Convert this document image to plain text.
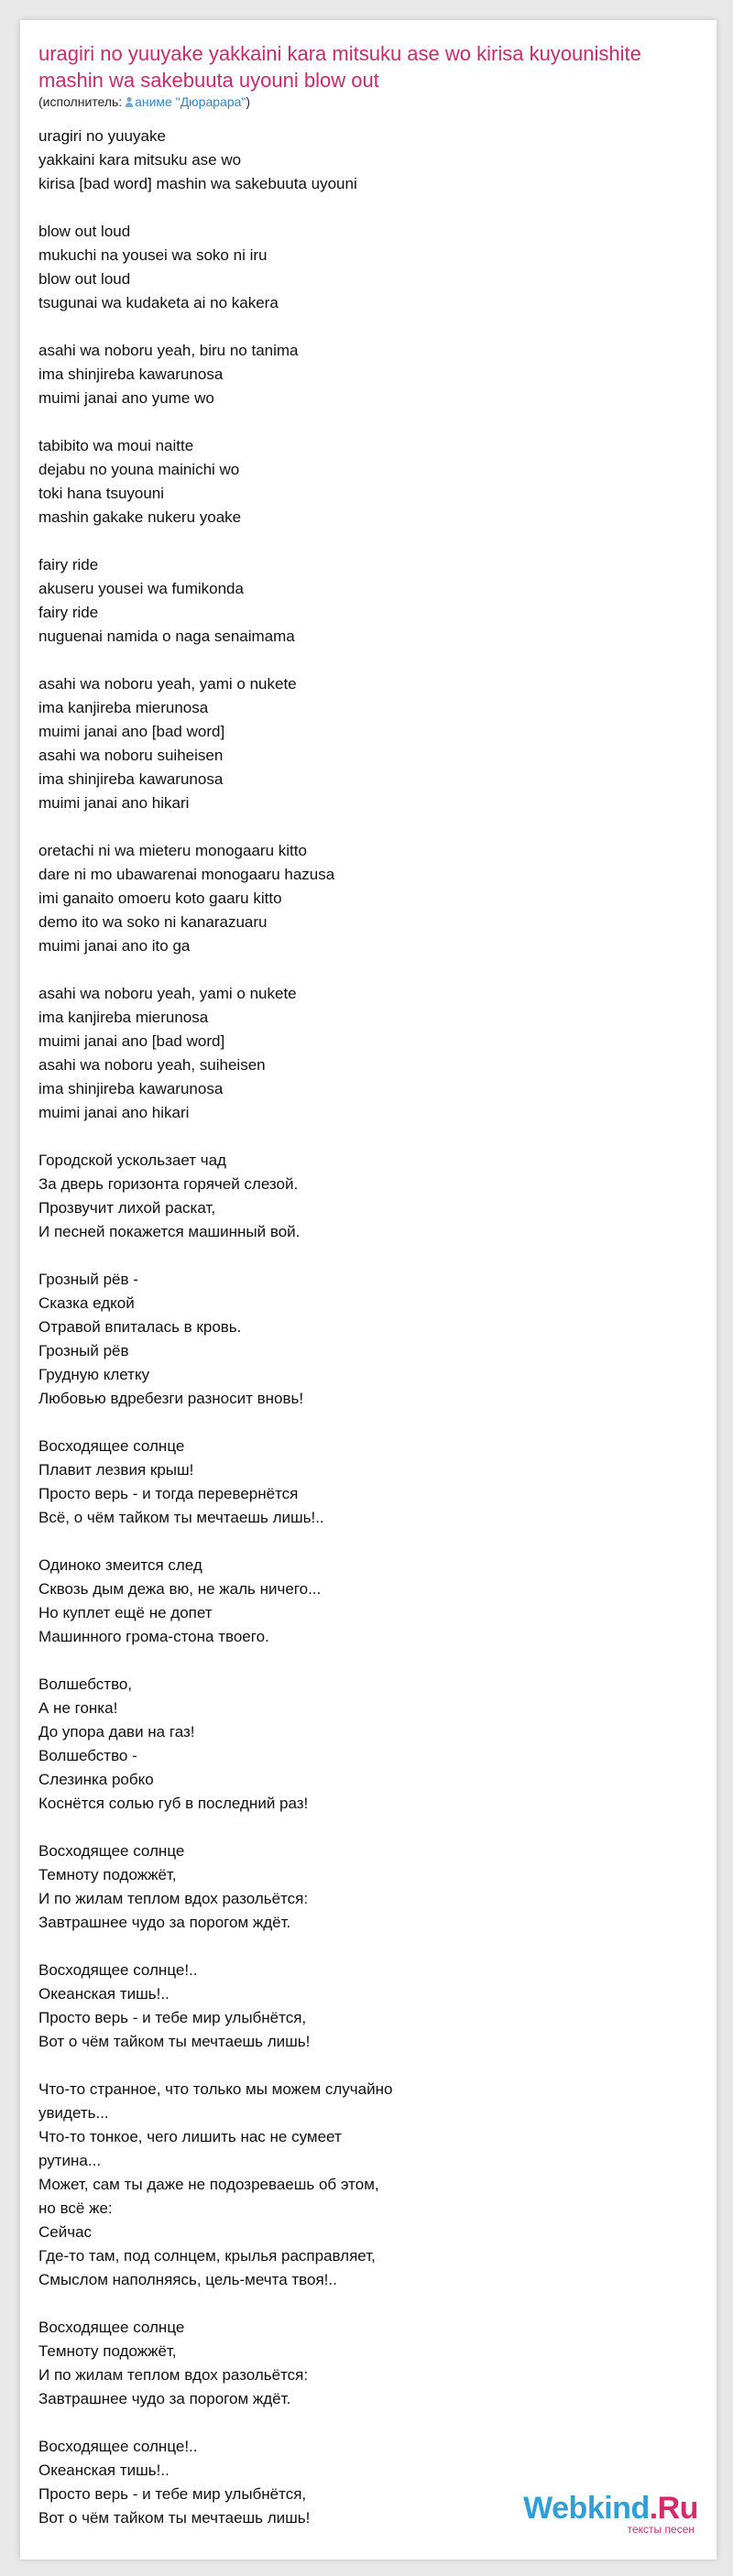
uragiri no yuuyake yakkaini kara mitsuku ase wo kirisa kuyounishite mashin wa sakebuuta uyouni blow out
(исполнитель: аниме "Дюрарара")
uragiri no yuuyake
yakkaini kara mitsuku ase wo
kirisa [bad word] mashin wa sakebuuta uyouni

blow out loud
mukuchi na yousei wa soko ni iru
blow out loud
tsugunai wa kudaketa ai no kakera

asahi wa noboru yeah, biru no tanima
ima shinjireba kawarunosa
muimi janai ano yume wo

tabibito wa moui naitte
dejabu no youna mainichi wo
toki hana tsuyouni
mashin gakake nukeru yoake

fairy ride
akuseru yousei wa fumikonda
fairy ride
nuguenai namida o naga senaimama

asahi wa noboru yeah, yami o nukete
ima kanjireba mierunosa
muimi janai ano [bad word]
asahi wa noboru suiheisen
ima shinjireba kawarunosa
muimi janai ano hikari

oretachi ni wa mieteru monogaaru kitto
dare ni mo ubawarenai monogaaru hazusa
imi ganaito omoeru koto gaaru kitto
demo ito wa soko ni kanarazuaru
muimi janai ano ito ga

asahi wa noboru yeah, yami o nukete
ima kanjireba mierunosa
muimi janai ano [bad word]
asahi wa noboru yeah, suiheisen
ima shinjireba kawarunosa
muimi janai ano hikari

Городской ускользает чад
За дверь горизонта горячей слезой.
Прозвучит лихой раскат,
И песней покажется машинный вой.

Грозный рёв -
Сказка едкой
Отравой впиталась в кровь.
Грозный рёв
Грудную клетку
Любовью вдребезги разносит вновь!

Восходящее солнце
Плавит лезвия крыш!
Просто верь - и тогда перевернётся
Всё, о чём тайком ты мечтаешь лишь!..

Одиноко змеится след
Сквозь дым дежа вю, не жаль ничего...
Но куплет ещё не допет
Машинного грома-стона твоего.

Волшебство,
А не гонка!
До упора дави на газ!
Волшебство -
Слезинка робко
Коснётся солью губ в последний раз!

Восходящее солнце
Темноту подожжёт,
И по жилам теплом вдох разольётся:
Завтрашнее чудо за порогом ждёт.

Восходящее солнце!..
Океанская тишь!..
Просто верь - и тебе мир улыбнётся,
Вот о чём тайком ты мечтаешь лишь!

Что-то странное, что только мы можем случайно
увидеть...
Что-то тонкое, чего лишить нас не сумеет
рутина...
Может, сам ты даже не подозреваешь об этом,
но всё же:
Сейчас
Где-то там, под солнцем, крылья расправляет,
Смыслом наполняясь, цель-мечта твоя!..

Восходящее солнце
Темноту подожжёт,
И по жилам теплом вдох разольётся:
Завтрашнее чудо за порогом ждёт.

Восходящее солнце!..
Океанская тишь!..
Просто верь - и тебе мир улыбнётся,
Вот о чём тайком ты мечтаешь лишь!	Webkind.Ru
тексты песен
